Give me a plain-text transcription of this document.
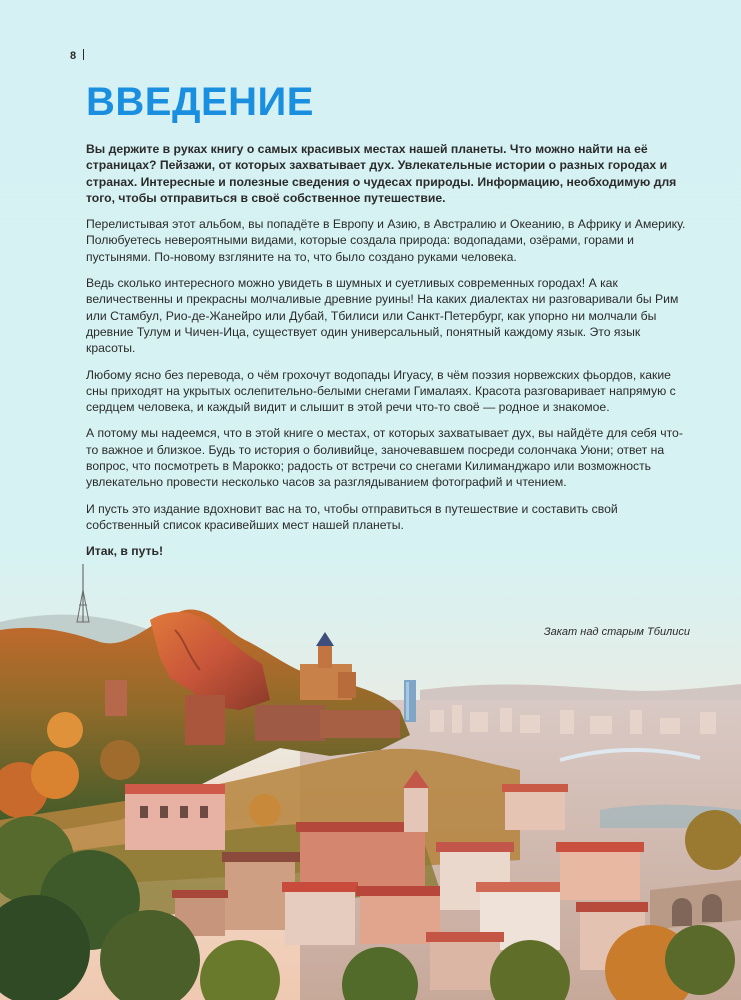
8
ВВЕДЕНИЕ

Вы держите в руках книгу о самых красивых местах нашей планеты. Что можно найти на её страницах? Пейзажи, от которых захватывает дух. Увлекательные истории о разных городах и странах. Интересные и полезные сведения о чудесах природы. Информацию, необходимую для того, чтобы отправиться в своё собственное путешествие.

Перелистывая этот альбом, вы попадёте в Европу и Азию, в Австралию и Океанию, в Африку и Америку. Полюбуетесь невероятными видами, которые создала природа: водопадами, озёрами, горами и пустынями. По-новому взгляните на то, что было создано руками человека.

Ведь сколько интересного можно увидеть в шумных и суетливых современных городах! А как величественны и прекрасны молчаливые древние руины! На каких диалектах ни разговаривали бы Рим или Стамбул, Рио-де-Жанейро или Дубай, Тбилиси или Санкт-Петербург, как упорно ни молчали бы древние Тулум и Чичен-Ица, существует один универсальный, понятный каждому язык. Это язык красоты.

Любому ясно без перевода, о чём грохочут водопады Игуасу, в чём поэзия норвежских фьордов, какие сны приходят на укрытых ослепительно-белыми снегами Гималаях. Красота разговаривает напрямую с сердцем человека, и каждый видит и слышит в этой речи что-то своё — родное и знакомое.

А потому мы надеемся, что в этой книге о местах, от которых захватывает дух, вы найдёте для себя что-то важное и близкое. Будь то история о боливийце, заночевавшем посреди солончака Уюни; ответ на вопрос, что посмотреть в Марокко; радость от встречи со снегами Килиманджаро или возможность увлекательно провести несколько часов за разглядыванием фотографий и чтением.

И пусть это издание вдохновит вас на то, чтобы отправиться в путешествие и составить свой собственный список красивейших мест нашей планеты.

Итак, в путь!

Закат над старым Тбилиси
